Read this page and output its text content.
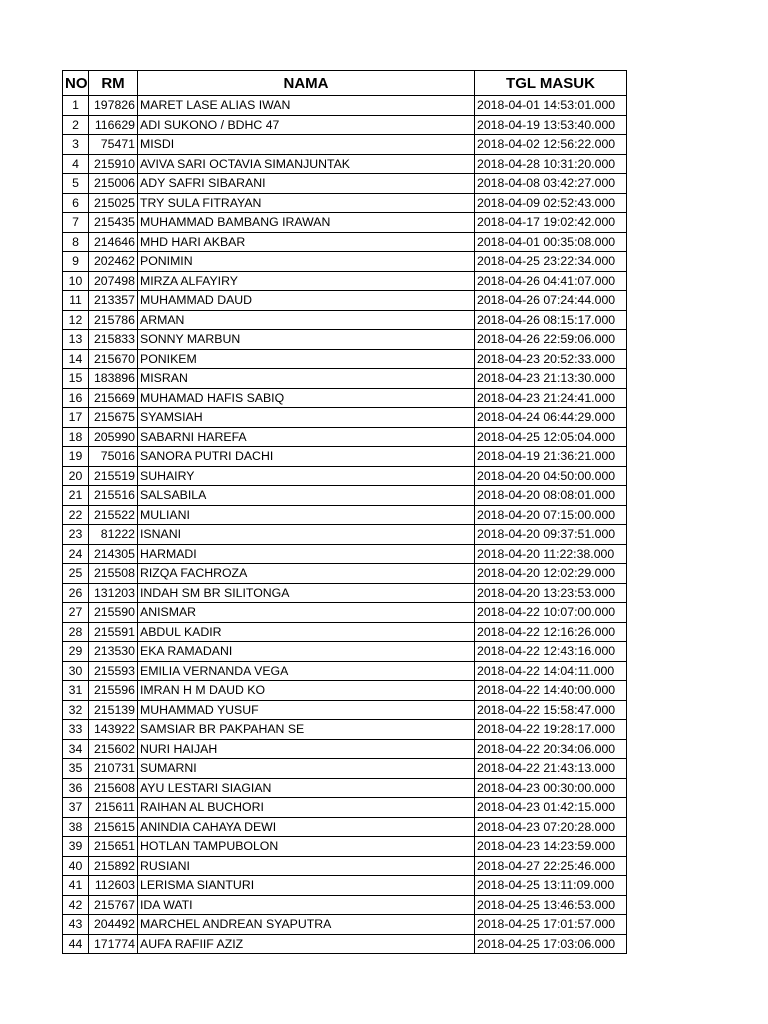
NO	RM	NAMA	TGL MASUK
1	197826	MARET LASE ALIAS IWAN	2018-04-01 14:53:01.000
2	116629	ADI SUKONO / BDHC 47	2018-04-19 13:53:40.000
3	75471	MISDI	2018-04-02 12:56:22.000
4	215910	AVIVA SARI OCTAVIA SIMANJUNTAK	2018-04-28 10:31:20.000
5	215006	ADY SAFRI SIBARANI	2018-04-08 03:42:27.000
6	215025	TRY SULA FITRAYAN	2018-04-09 02:52:43.000
7	215435	MUHAMMAD BAMBANG IRAWAN	2018-04-17 19:02:42.000
8	214646	MHD HARI AKBAR	2018-04-01 00:35:08.000
9	202462	PONIMIN	2018-04-25 23:22:34.000
10	207498	MIRZA ALFAYIRY	2018-04-26 04:41:07.000
11	213357	MUHAMMAD DAUD	2018-04-26 07:24:44.000
12	215786	ARMAN	2018-04-26 08:15:17.000
13	215833	SONNY MARBUN	2018-04-26 22:59:06.000
14	215670	PONIKEM	2018-04-23 20:52:33.000
15	183896	MISRAN	2018-04-23 21:13:30.000
16	215669	MUHAMAD HAFIS SABIQ	2018-04-23 21:24:41.000
17	215675	SYAMSIAH	2018-04-24 06:44:29.000
18	205990	SABARNI HAREFA	2018-04-25 12:05:04.000
19	75016	SANORA PUTRI DACHI	2018-04-19 21:36:21.000
20	215519	SUHAIRY	2018-04-20 04:50:00.000
21	215516	SALSABILA	2018-04-20 08:08:01.000
22	215522	MULIANI	2018-04-20 07:15:00.000
23	81222	ISNANI	2018-04-20 09:37:51.000
24	214305	HARMADI	2018-04-20 11:22:38.000
25	215508	RIZQA FACHROZA	2018-04-20 12:02:29.000
26	131203	INDAH SM BR SILITONGA	2018-04-20 13:23:53.000
27	215590	ANISMAR	2018-04-22 10:07:00.000
28	215591	ABDUL KADIR	2018-04-22 12:16:26.000
29	213530	EKA RAMADANI	2018-04-22 12:43:16.000
30	215593	EMILIA VERNANDA VEGA	2018-04-22 14:04:11.000
31	215596	IMRAN H M DAUD KO	2018-04-22 14:40:00.000
32	215139	MUHAMMAD YUSUF	2018-04-22 15:58:47.000
33	143922	SAMSIAR BR PAKPAHAN SE	2018-04-22 19:28:17.000
34	215602	NURI HAIJAH	2018-04-22 20:34:06.000
35	210731	SUMARNI	2018-04-22 21:43:13.000
36	215608	AYU LESTARI SIAGIAN	2018-04-23 00:30:00.000
37	215611	RAIHAN AL BUCHORI	2018-04-23 01:42:15.000
38	215615	ANINDIA CAHAYA DEWI	2018-04-23 07:20:28.000
39	215651	HOTLAN TAMPUBOLON	2018-04-23 14:23:59.000
40	215892	RUSIANI	2018-04-27 22:25:46.000
41	112603	LERISMA SIANTURI	2018-04-25 13:11:09.000
42	215767	IDA WATI	2018-04-25 13:46:53.000
43	204492	MARCHEL ANDREAN SYAPUTRA	2018-04-25 17:01:57.000
44	171774	AUFA RAFIIF AZIZ	2018-04-25 17:03:06.000
